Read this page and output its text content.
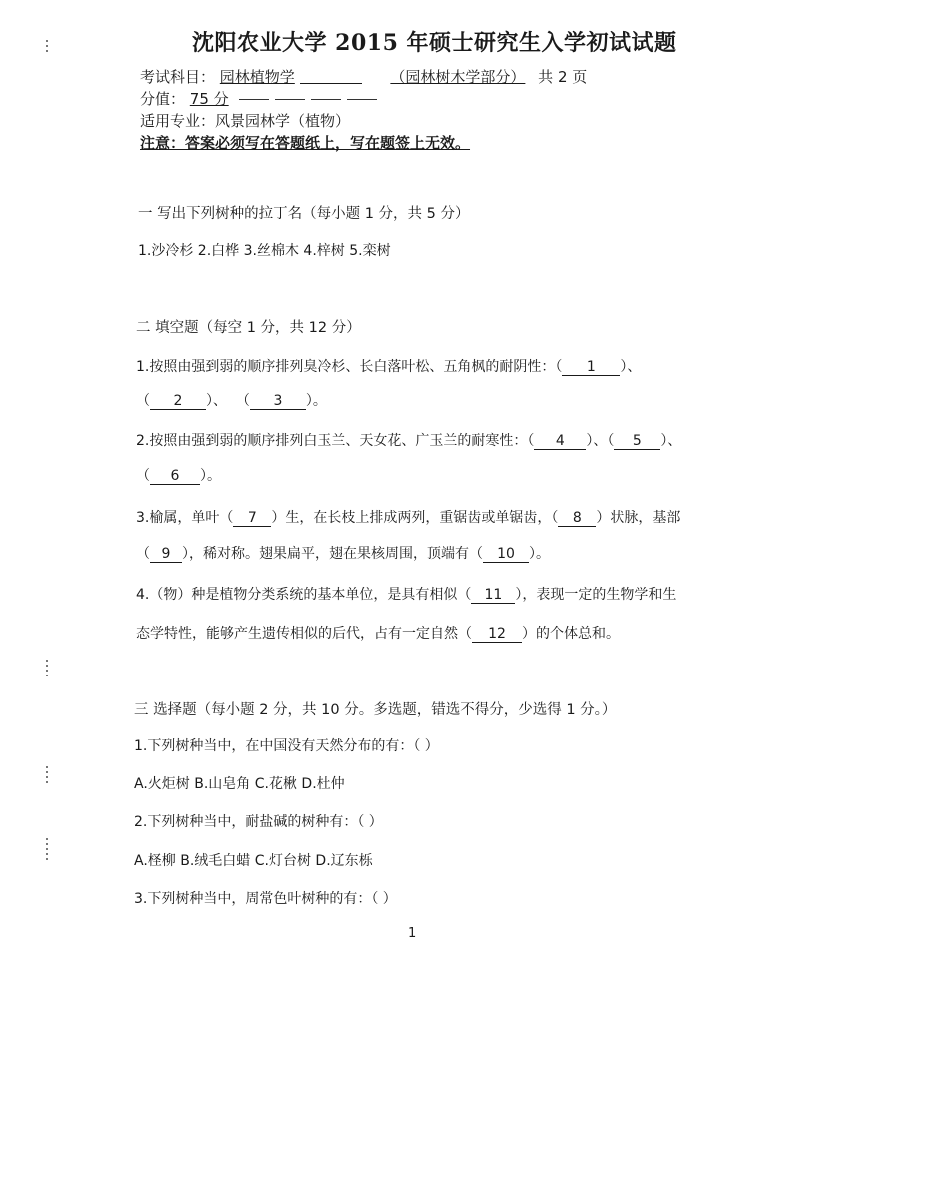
沈阳农业大学 2015 年硕士研究生入学初试试题
考试科目： 园林植物学	（园林树木学部分） 共 2 页
分值： 75 分
适用专业：风景园林学（植物）
注意：答案必须写在答题纸上，写在题签上无效。
一 写出下列树种的拉丁名（每小题 1 分，共 5 分）
1.沙冷杉 2.白桦 3.丝棉木 4.梓树 5.栾树
二 填空题（每空 1 分，共 12 分）
1.按照由强到弱的顺序排列臭冷杉、长白落叶松、五角枫的耐阴性：（ 1 ）、
（ 2 ）、  （ 3 ）。
2.按照由强到弱的顺序排列白玉兰、天女花、广玉兰的耐寒性：（ 4 ）、（ 5 ）、
（ 6 ）。
3.榆属，单叶（ 7 ）生，在长枝上排成两列，重锯齿或单锯齿，（ 8 ）状脉，基部
（ 9 ），稀对称。翅果扁平，翅在果核周围，顶端有（ 10 ）。
4.（物）种是植物分类系统的基本单位，是具有相似（ 11 ），表现一定的生物学和生
态学特性，能够产生遗传相似的后代，占有一定自然（ 12 ）的个体总和。
三 选择题（每小题 2 分，共 10 分。多选题，错选不得分，少选得 1 分。）
1.下列树种当中，在中国没有天然分布的有：（ ）
A.火炬树 B.山皂角 C.花楸 D.杜仲
2.下列树种当中，耐盐碱的树种有：（ ）
A.柽柳 B.绒毛白蜡 C.灯台树 D.辽东栎
3.下列树种当中，周常色叶树种的有：（ ）
1
